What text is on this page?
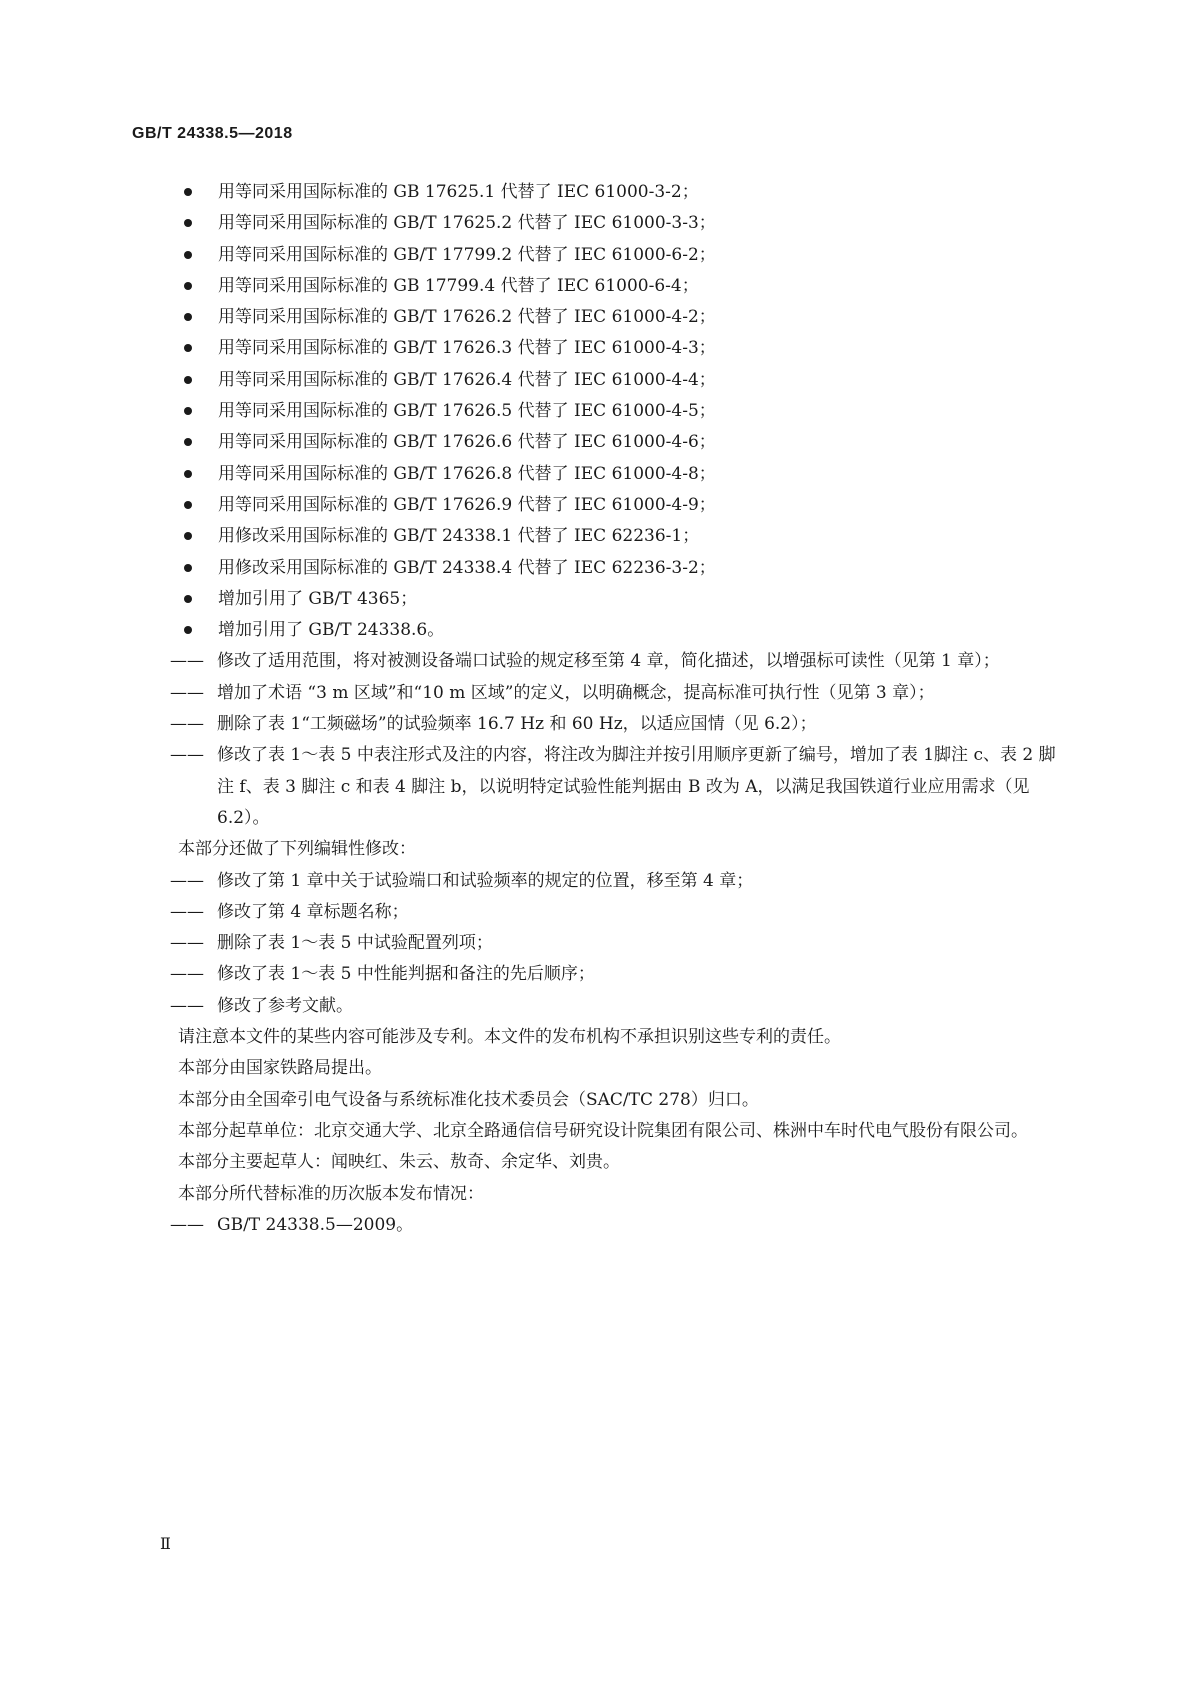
GB/T 24338.5—2018
用等同采用国际标准的 GB 17625.1 代替了 IEC 61000-3-2；
用等同采用国际标准的 GB/T 17625.2 代替了 IEC 61000-3-3；
用等同采用国际标准的 GB/T 17799.2 代替了 IEC 61000-6-2；
用等同采用国际标准的 GB 17799.4 代替了 IEC 61000-6-4；
用等同采用国际标准的 GB/T 17626.2 代替了 IEC 61000-4-2；
用等同采用国际标准的 GB/T 17626.3 代替了 IEC 61000-4-3；
用等同采用国际标准的 GB/T 17626.4 代替了 IEC 61000-4-4；
用等同采用国际标准的 GB/T 17626.5 代替了 IEC 61000-4-5；
用等同采用国际标准的 GB/T 17626.6 代替了 IEC 61000-4-6；
用等同采用国际标准的 GB/T 17626.8 代替了 IEC 61000-4-8；
用等同采用国际标准的 GB/T 17626.9 代替了 IEC 61000-4-9；
用修改采用国际标准的 GB/T 24338.1 代替了 IEC 62236-1；
用修改采用国际标准的 GB/T 24338.4 代替了 IEC 62236-3-2；
增加引用了 GB/T 4365；
增加引用了 GB/T 24338.6。
—— 修改了适用范围，将对被测设备端口试验的规定移至第 4 章，简化描述，以增强标可读性（见第 1 章）；
—— 增加了术语 “3 m 区域”和“10 m 区域”的定义，以明确概念，提高标准可执行性（见第 3 章）；
—— 删除了表 1“工频磁场”的试验频率 16.7 Hz 和 60 Hz，以适应国情（见 6.2）；
—— 修改了表 1～表 5 中表注形式及注的内容，将注改为脚注并按引用顺序更新了编号，增加了表 1脚注 c、表 2 脚注 f、表 3 脚注 c 和表 4 脚注 b，以说明特定试验性能判据由 B 改为 A，以满足我国铁道行业应用需求（见 6.2）。
本部分还做了下列编辑性修改：
—— 修改了第 1 章中关于试验端口和试验频率的规定的位置，移至第 4 章；
—— 修改了第 4 章标题名称；
—— 删除了表 1～表 5 中试验配置列项；
—— 修改了表 1～表 5 中性能判据和备注的先后顺序；
—— 修改了参考文献。
请注意本文件的某些内容可能涉及专利。本文件的发布机构不承担识别这些专利的责任。
本部分由国家铁路局提出。
本部分由全国牵引电气设备与系统标准化技术委员会（SAC/TC 278）归口。
本部分起草单位：北京交通大学、北京全路通信信号研究设计院集团有限公司、株洲中车时代电气股份有限公司。
本部分主要起草人：闻映红、朱云、敖奇、余定华、刘贵。
本部分所代替标准的历次版本发布情况：
—— GB/T 24338.5—2009。
Ⅱ
